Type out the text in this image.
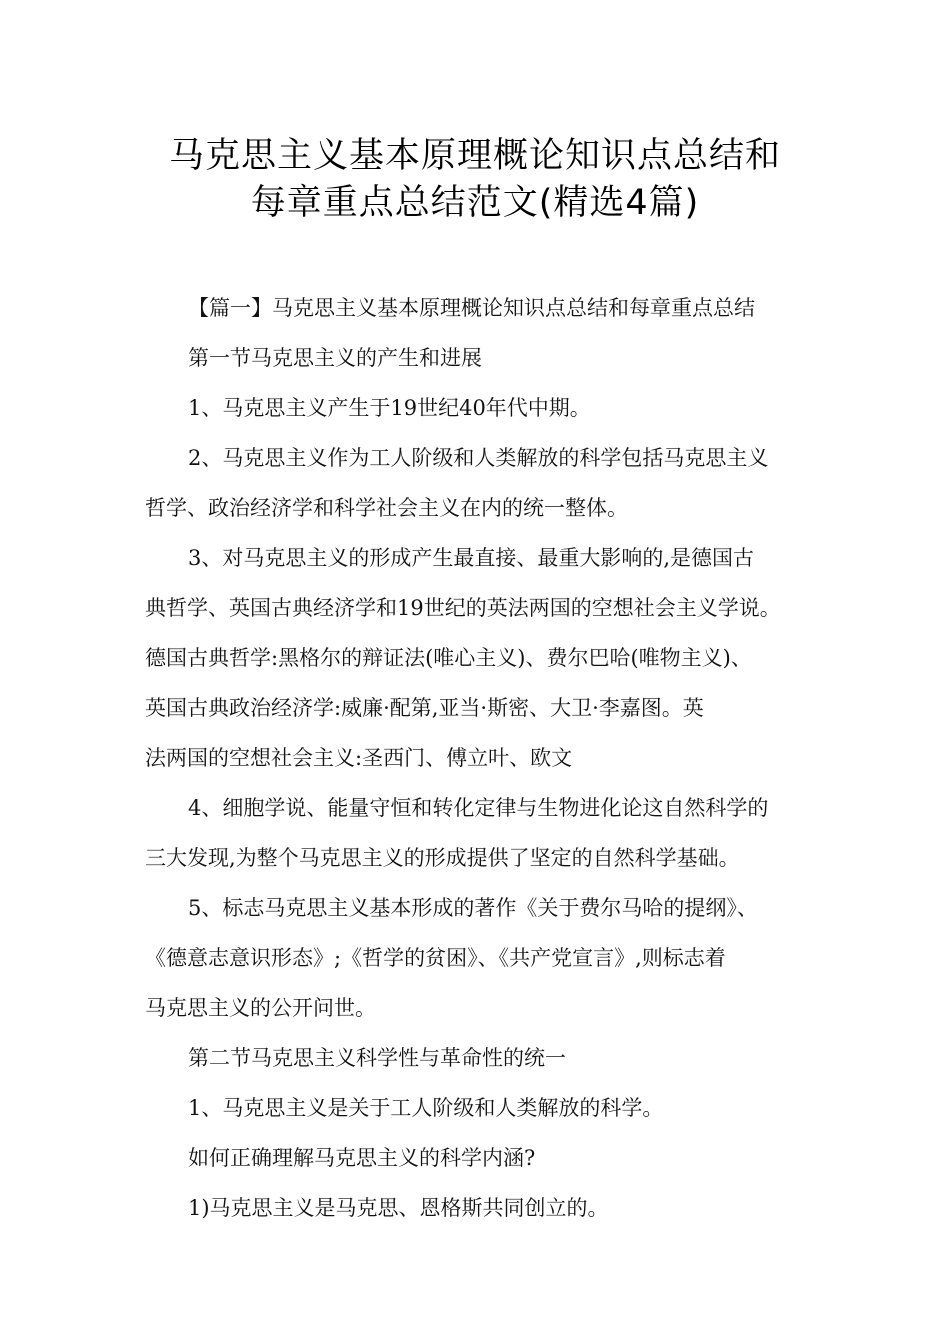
马克思主义基本原理概论知识点总结和
每章重点总结范文(精选4篇)

【篇一】马克思主义基本原理概论知识点总结和每章重点总结

第一节马克思主义的产生和进展

1、马克思主义产生于19世纪40年代中期。

2、马克思主义作为工人阶级和人类解放的科学包括马克思主义

哲学、政治经济学和科学社会主义在内的统一整体。

3、对马克思主义的形成产生最直接、最重大影响的,是德国古

典哲学、英国古典经济学和19世纪的英法两国的空想社会主义学说。

德国古典哲学:黑格尔的辩证法(唯心主义)、费尔巴哈(唯物主义)、

英国古典政治经济学:威廉·配第,亚当·斯密、大卫·李嘉图。英

法两国的空想社会主义:圣西门、傅立叶、欧文

4、细胞学说、能量守恒和转化定律与生物进化论这自然科学的

三大发现,为整个马克思主义的形成提供了坚定的自然科学基础。

5、标志马克思主义基本形成的著作《关于费尔马哈的提纲》、

《德意志意识形态》;《哲学的贫困》、《共产党宣言》,则标志着

马克思主义的公开问世。

第二节马克思主义科学性与革命性的统一

1、马克思主义是关于工人阶级和人类解放的科学。

如何正确理解马克思主义的科学内涵?

1)马克思主义是马克思、恩格斯共同创立的。
